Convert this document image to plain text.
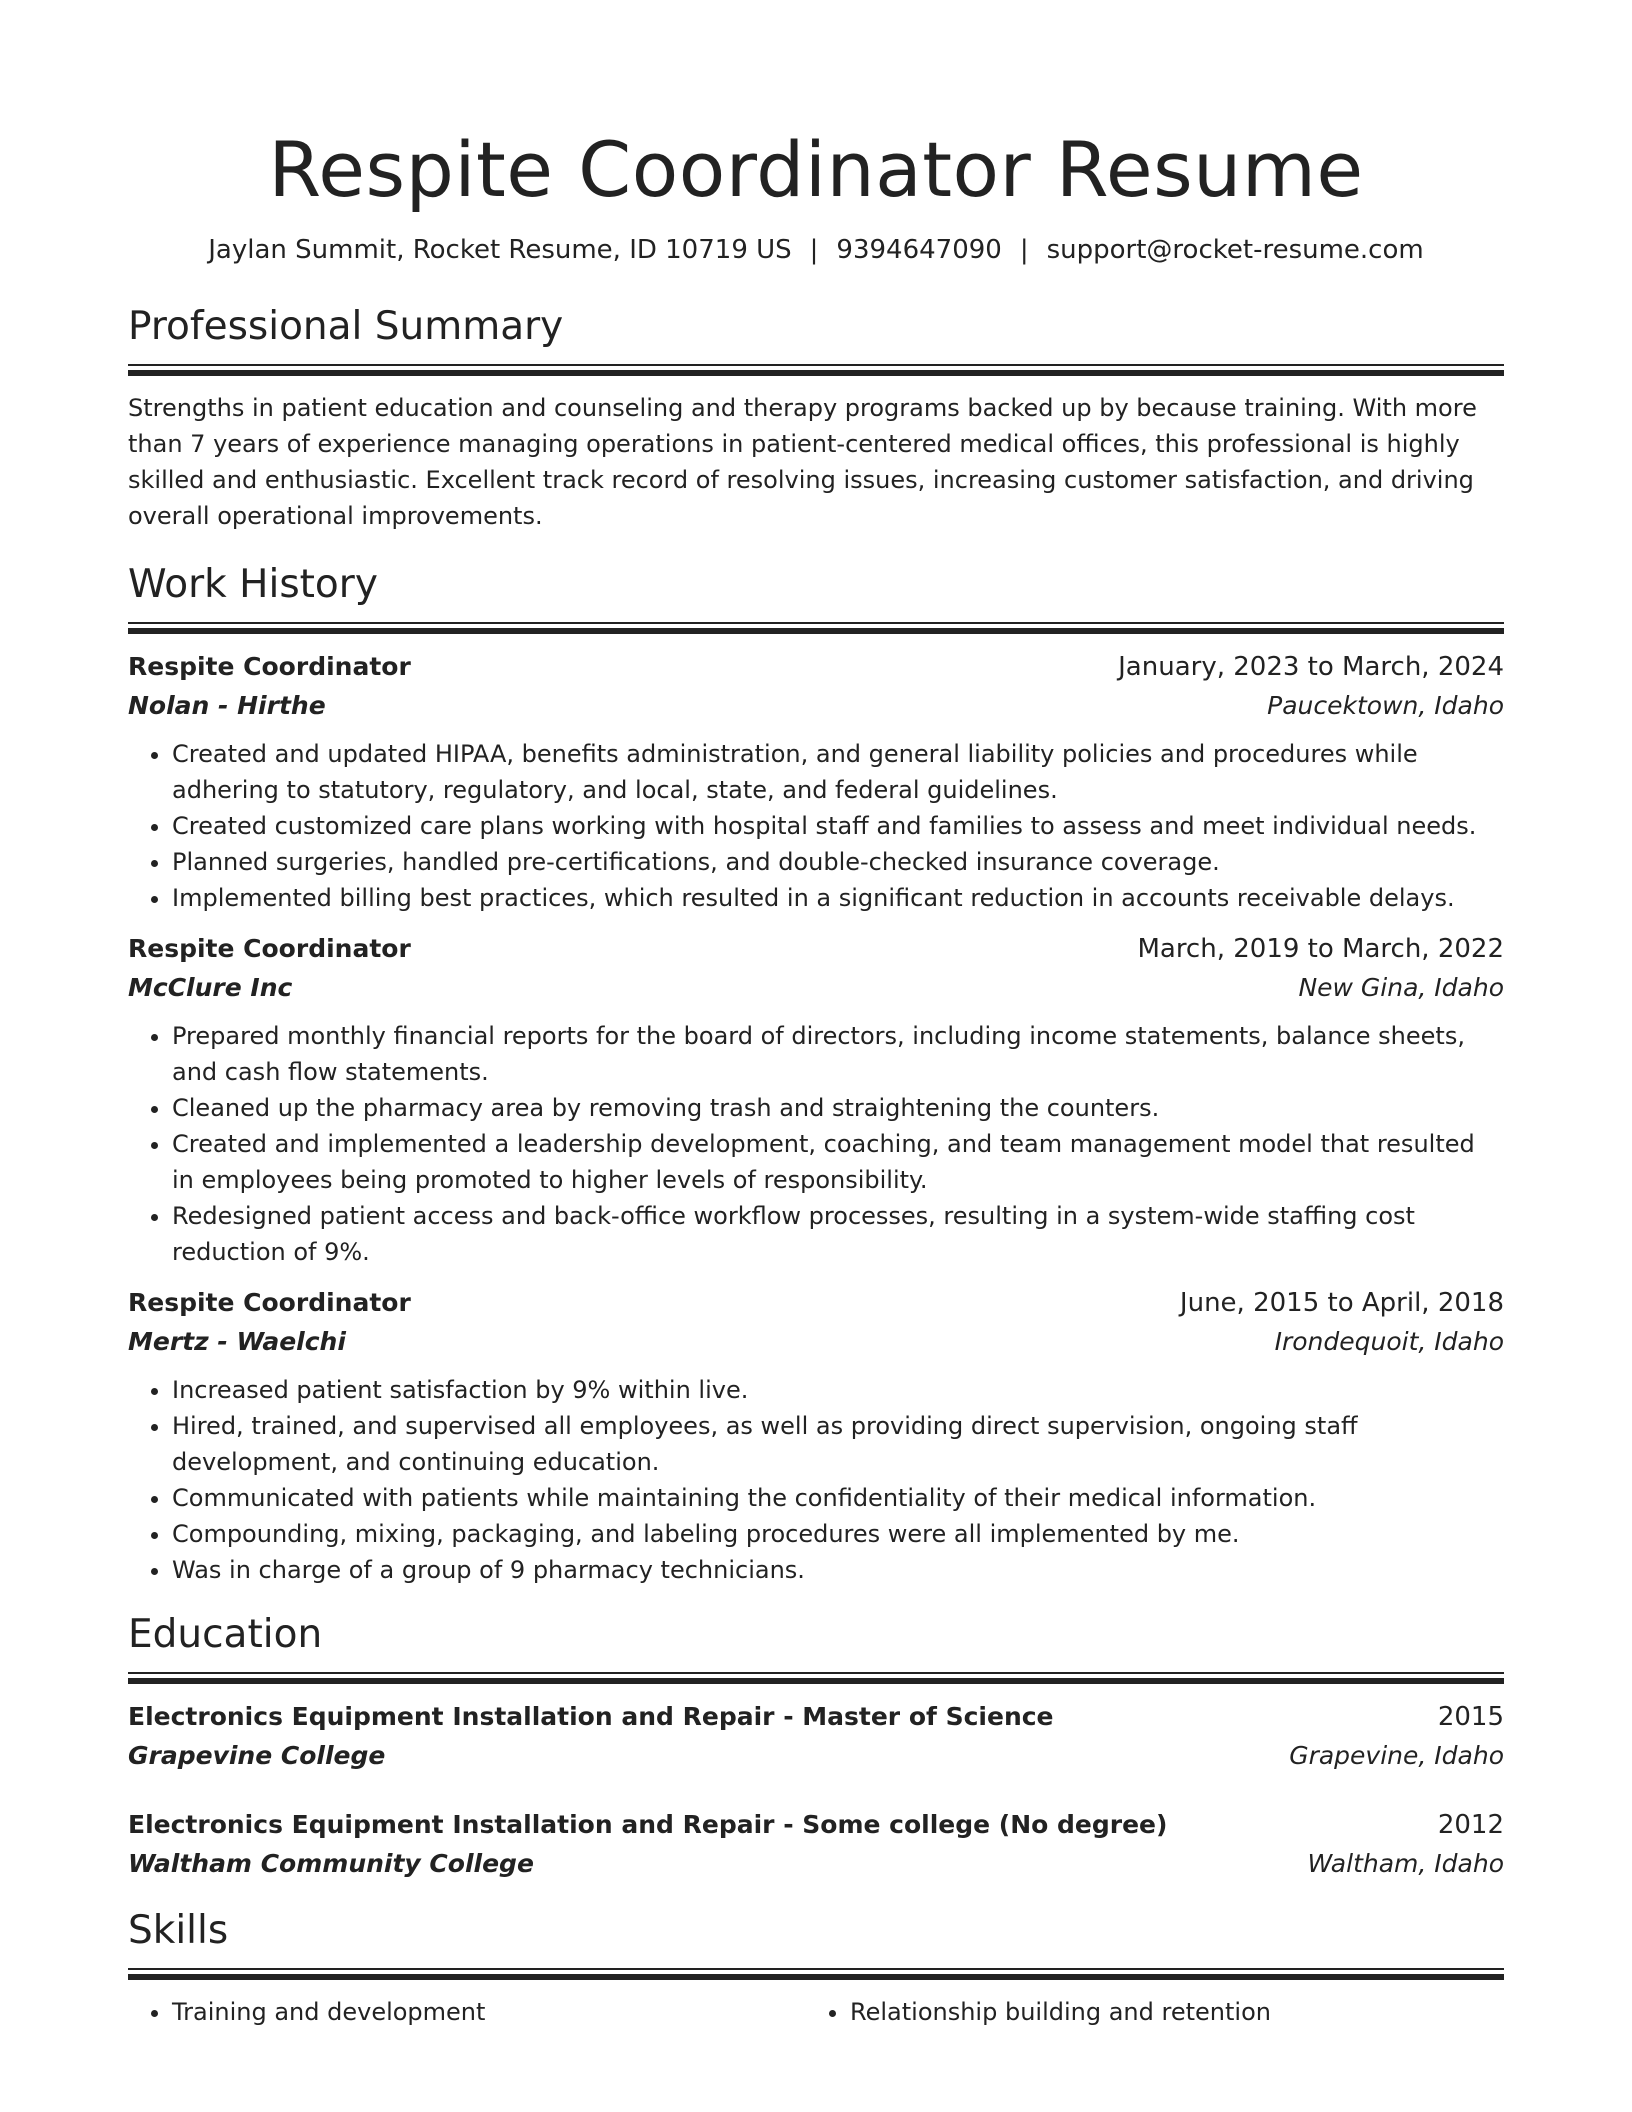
Respite Coordinator Resume
Jaylan Summit, Rocket Resume, ID 10719 US | 9394647090 | support@rocket-resume.com
Professional Summary
Strengths in patient education and counseling and therapy programs backed up by because training. With more than 7 years of experience managing operations in patient-centered medical offices, this professional is highly skilled and enthusiastic. Excellent track record of resolving issues, increasing customer satisfaction, and driving overall operational improvements.
Work History
Respite Coordinator	January, 2023 to March, 2024
Nolan - Hirthe	Paucektown, Idaho
• Created and updated HIPAA, benefits administration, and general liability policies and procedures while adhering to statutory, regulatory, and local, state, and federal guidelines.
• Created customized care plans working with hospital staff and families to assess and meet individual needs.
• Planned surgeries, handled pre-certifications, and double-checked insurance coverage.
• Implemented billing best practices, which resulted in a significant reduction in accounts receivable delays.
Respite Coordinator	March, 2019 to March, 2022
McClure Inc	New Gina, Idaho
• Prepared monthly financial reports for the board of directors, including income statements, balance sheets, and cash flow statements.
• Cleaned up the pharmacy area by removing trash and straightening the counters.
• Created and implemented a leadership development, coaching, and team management model that resulted in employees being promoted to higher levels of responsibility.
• Redesigned patient access and back-office workflow processes, resulting in a system-wide staffing cost reduction of 9%.
Respite Coordinator	June, 2015 to April, 2018
Mertz - Waelchi	Irondequoit, Idaho
• Increased patient satisfaction by 9% within live.
• Hired, trained, and supervised all employees, as well as providing direct supervision, ongoing staff development, and continuing education.
• Communicated with patients while maintaining the confidentiality of their medical information.
• Compounding, mixing, packaging, and labeling procedures were all implemented by me.
• Was in charge of a group of 9 pharmacy technicians.
Education
Electronics Equipment Installation and Repair - Master of Science	2015
Grapevine College	Grapevine, Idaho
Electronics Equipment Installation and Repair - Some college (No degree)	2012
Waltham Community College	Waltham, Idaho
Skills
• Training and development
•	Relationship building and retention
